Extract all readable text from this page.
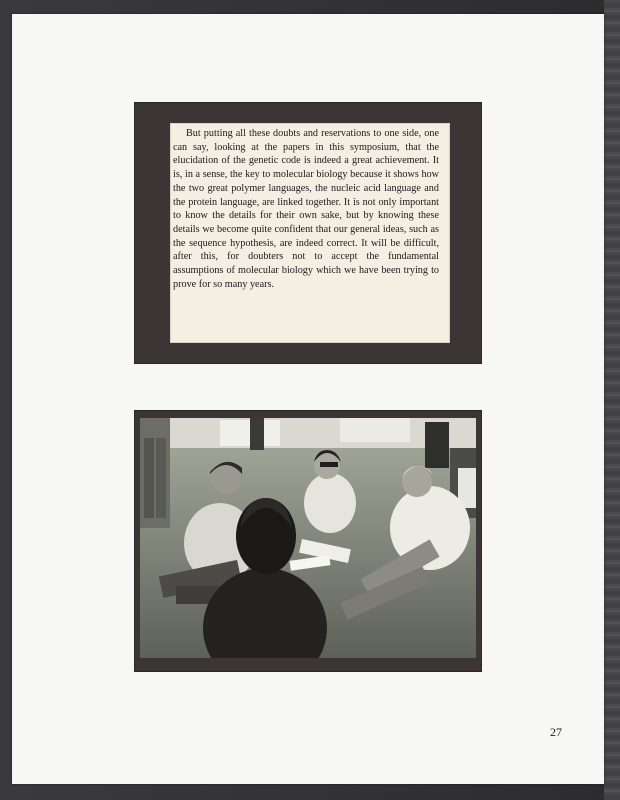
But putting all these doubts and reservations to one side, one can say, looking at the papers in this symposium, that the elucidation of the genetic code is indeed a great achievement. It is, in a sense, the key to molecular biology because it shows how the two great polymer languages, the nucleic acid language and the protein language, are linked together. It is not only important to know the details for their own sake, but by knowing these details we become quite confident that our general ideas, such as the sequence hypothesis, are indeed correct. It will be difficult, after this, for doubters not to accept the fundamental assumptions of molecular biology which we have been trying to prove for so many years.

27
